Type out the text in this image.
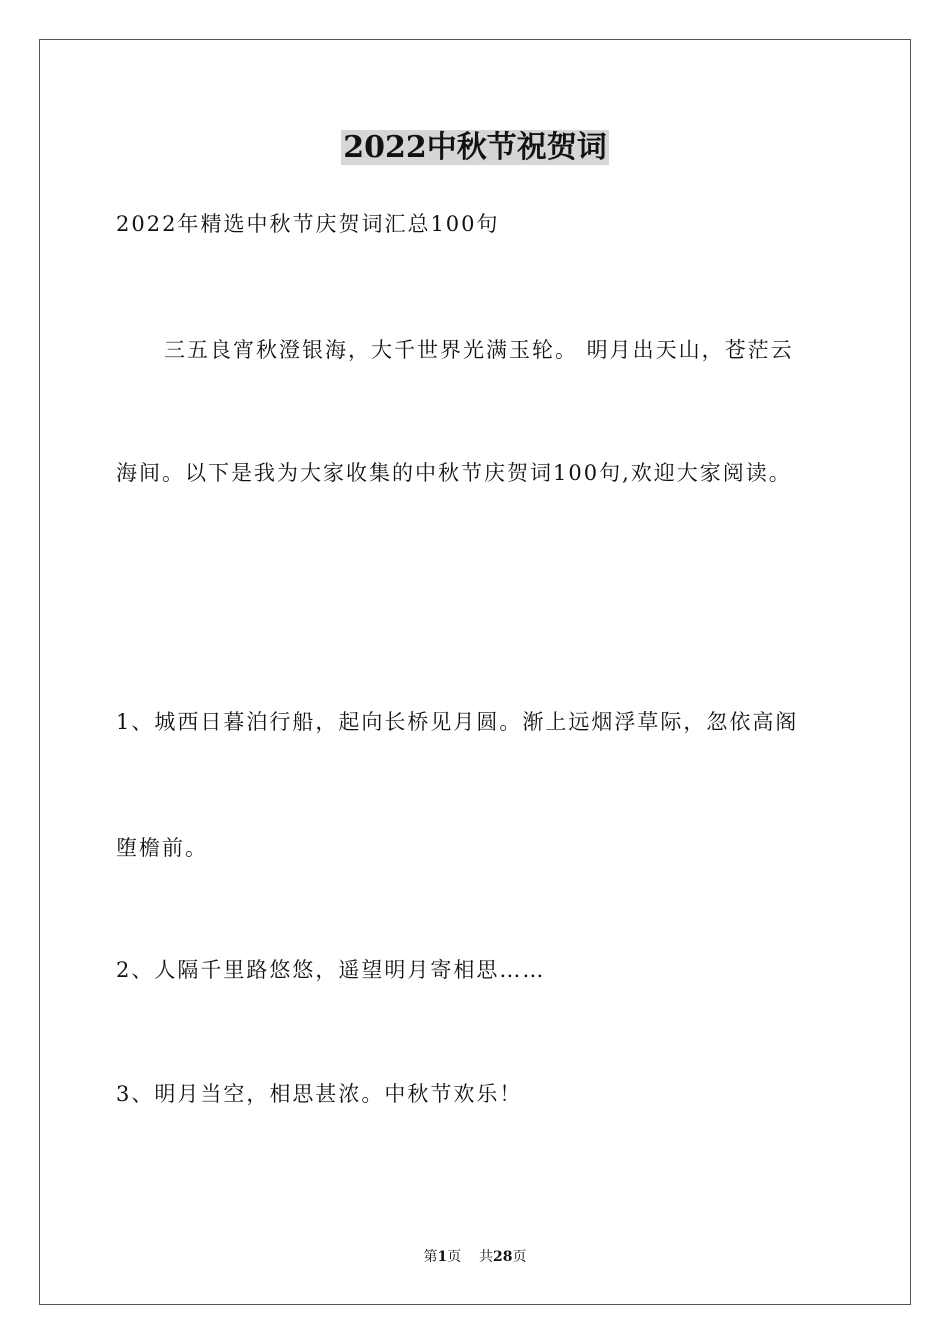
2022中秋节祝贺词
2022年精选中秋节庆贺词汇总100句
三五良宵秋澄银海，大千世界光满玉轮。 明月出天山，苍茫云
海间。以下是我为大家收集的中秋节庆贺词100句,欢迎大家阅读。
1、城西日暮泊行船，起向长桥见月圆。渐上远烟浮草际，忽依高阁
堕檐前。
2、人隔千里路悠悠，遥望明月寄相思……
3、明月当空，相思甚浓。中秋节欢乐！
第1页 共28页
